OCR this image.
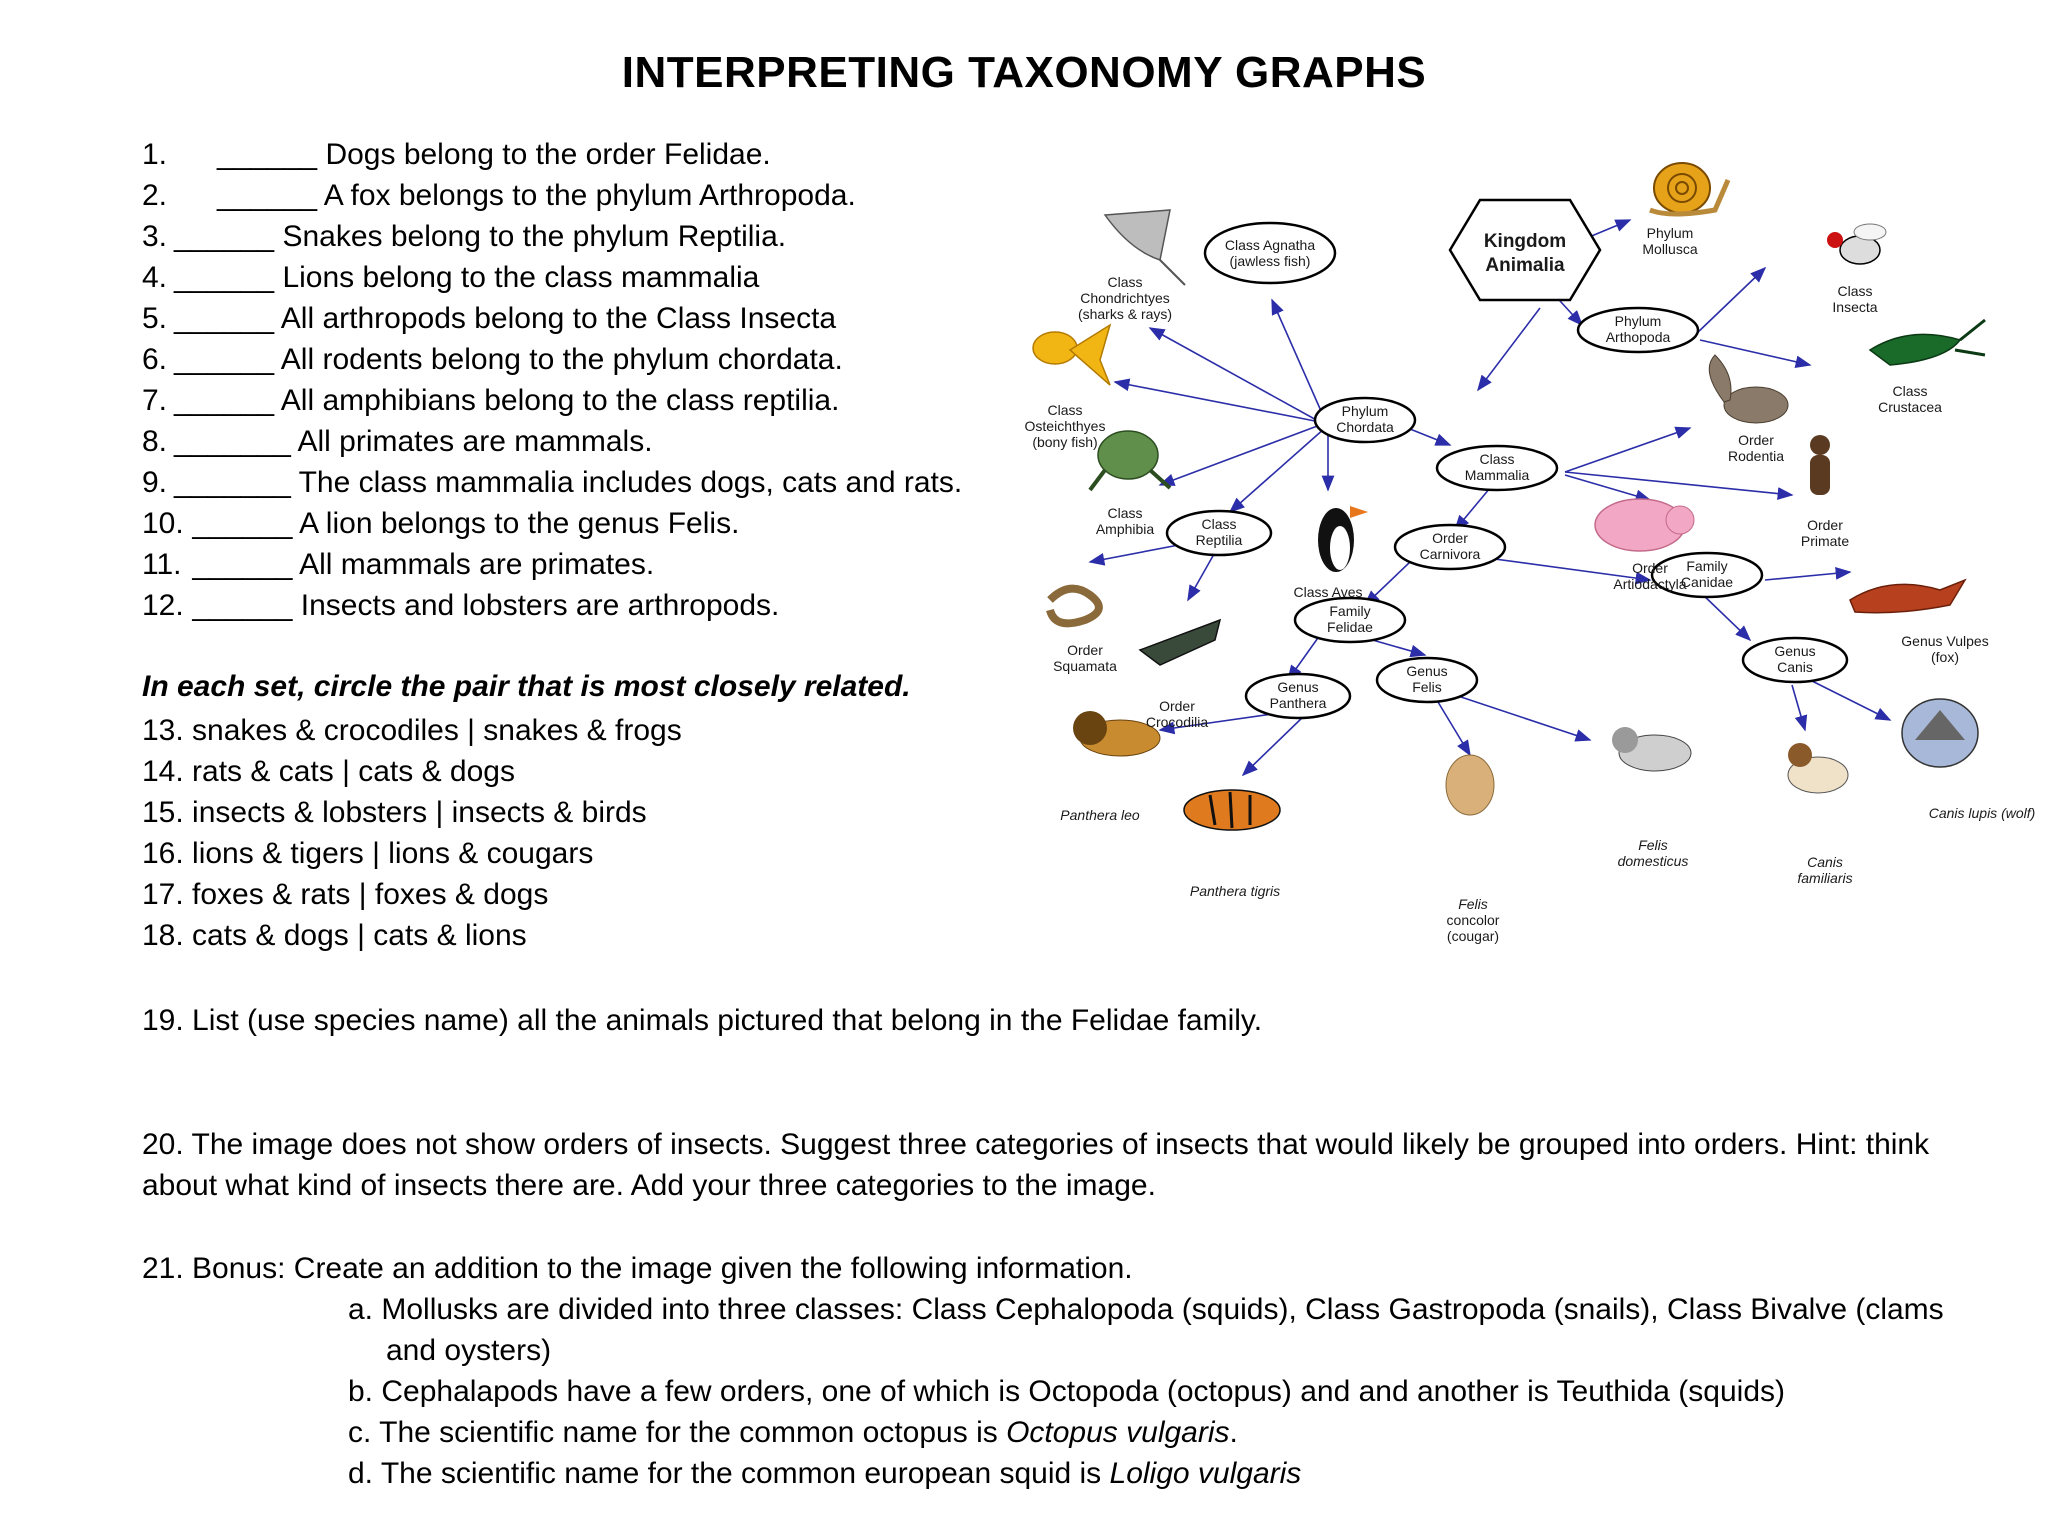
INTERPRETING TAXONOMY GRAPHS
1.   ______ Dogs belong to the order Felidae.
2.   ______ A fox belongs to the phylum Arthropoda.
3. ______ Snakes belong to the phylum Reptilia.
4. ______ Lions belong to the class mammalia
5. ______ All arthropods belong to the Class Insecta
6. ______ All rodents belong to the phylum chordata.
7. ______ All amphibians belong to the class reptilia.
8. _______ All primates are mammals.
9. _______ The class mammalia includes dogs, cats and rats.
10. ______ A lion belongs to the genus Felis.
11. ______ All mammals are primates.
12. ______ Insects and lobsters are arthropods.
In each set, circle the pair that is most closely related.
13. snakes & crocodiles | snakes & frogs
14. rats & cats | cats & dogs
15. insects & lobsters | insects & birds
16. lions & tigers | lions & cougars
17. foxes & rats | foxes & dogs
18. cats & dogs | cats & lions
19. List (use species name) all the animals pictured that belong in the Felidae family.
20. The image does not show orders of insects. Suggest three categories of insects that would likely be grouped into orders. Hint: think about what kind of insects there are. Add your three categories to the image.
21. Bonus: Create an addition to the image given the following information.
a. Mollusks are divided into three classes: Class Cephalopoda (squids), Class Gastropoda (snails), Class Bivalve (clams
and oysters)
b. Cephalapods have a few orders, one of which is Octopoda (octopus) and and another is Teuthida (squids)
c. The scientific name for the common octopus is Octopus vulgaris.
d. The scientific name for the common european squid is Loligo vulgaris
Kingdom
Animalia
Class Agnatha
(jawless fish)
Phylum
Chordata
Phylum
Arthopoda
Class
Mammalia
Class
Reptilia	Order
Carnivora
Family
Felidae
Family
Canidae
Genus
Panthera
Genus
Felis
Genus
Canis
Phylum
Mollusca
Class
Insecta
Class
Crustacea
Class
Chondrichtyes
(sharks & rays)
Class
Osteichthyes
(bony fish)
Class
Amphibia
Class Aves
Order
Rodentia
Order
Primate
Order
Artiodactyla
Order
Squamata
Order
Crocodilia
Genus Vulpes
(fox)
Panthera leo
Panthera tigris
Felis
concolor
(cougar)
Felis
domesticus	Canis
familiaris
Canis lupis (wolf)
